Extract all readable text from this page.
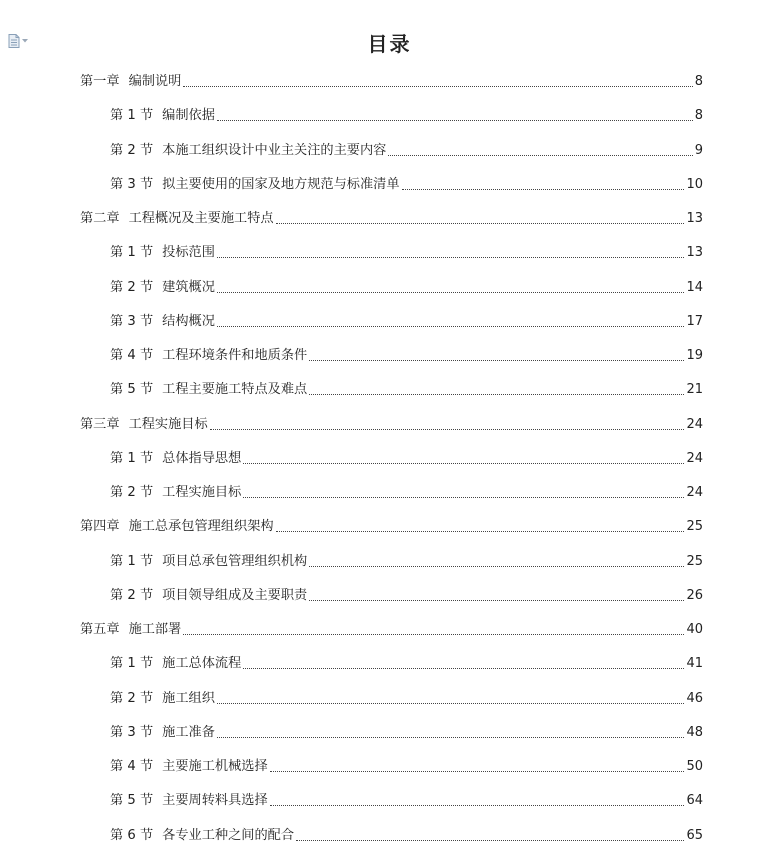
目录
第一章 编制说明	8
第 1 节 编制依据	8
第 2 节 本施工组织设计中业主关注的主要内容	9
第 3 节 拟主要使用的国家及地方规范与标准清单	10
第二章 工程概况及主要施工特点	13
第 1 节 投标范围	13
第 2 节 建筑概况	14
第 3 节 结构概况	17
第 4 节 工程环境条件和地质条件	19
第 5 节 工程主要施工特点及难点	21
第三章 工程实施目标	24
第 1 节 总体指导思想	24
第 2 节 工程实施目标	24
第四章 施工总承包管理组织架构	25
第 1 节 项目总承包管理组织机构	25
第 2 节 项目领导组成及主要职责	26
第五章 施工部署	40
第 1 节 施工总体流程	41
第 2 节 施工组织	46
第 3 节 施工准备	48
第 4 节 主要施工机械选择	50
第 5 节 主要周转料具选择	64
第 6 节 各专业工种之间的配合	65
